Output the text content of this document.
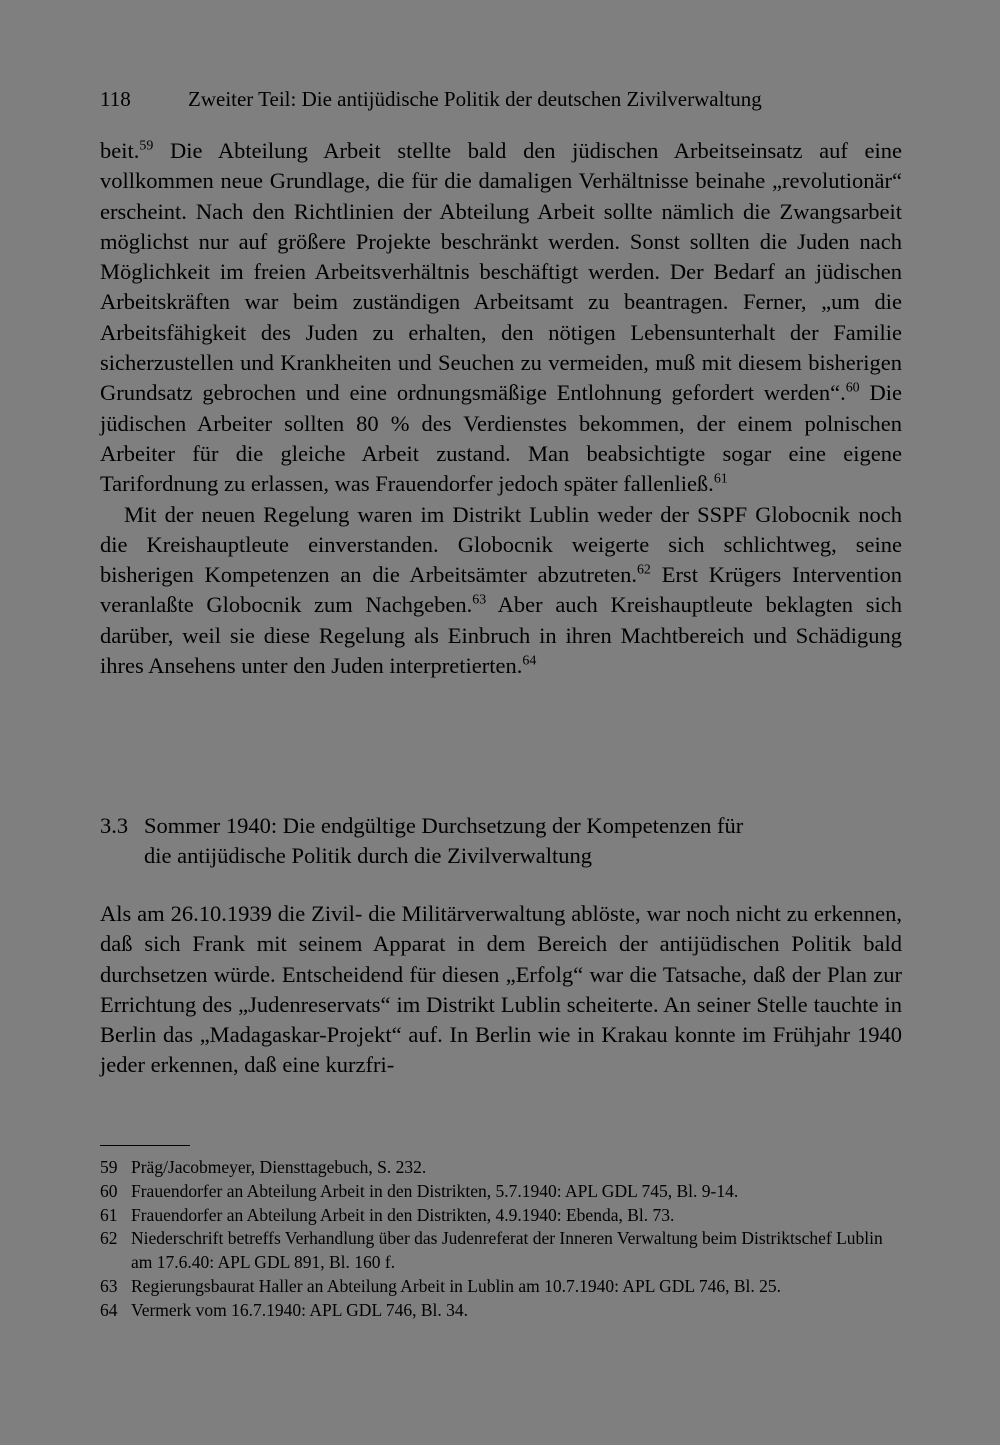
118	Zweiter Teil: Die antijüdische Politik der deutschen Zivilverwaltung

beit.$^{59}$ Die Abteilung Arbeit stellte bald den jüdischen Arbeitseinsatz auf eine vollkommen neue Grundlage, die für die damaligen Verhältnisse beinahe „revolutionär“ erscheint. Nach den Richtlinien der Abteilung Arbeit sollte nämlich die Zwangsarbeit möglichst nur auf größere Projekte beschränkt werden. Sonst sollten die Juden nach Möglichkeit im freien Arbeitsverhältnis beschäftigt werden. Der Bedarf an jüdischen Arbeitskräften war beim zuständigen Arbeitsamt zu beantragen. Ferner, „um die Arbeitsfähigkeit des Juden zu erhalten, den nötigen Lebensunterhalt der Familie sicherzustellen und Krankheiten und Seuchen zu vermeiden, muß mit diesem bisherigen Grundsatz gebrochen und eine ordnungsmäßige Entlohnung gefordert werden“.$^{60}$ Die jüdischen Arbeiter sollten 80 % des Verdienstes bekommen, der einem polnischen Arbeiter für die gleiche Arbeit zustand. Man beabsichtigte sogar eine eigene Tarifordnung zu erlassen, was Frauendorfer jedoch später fallenließ.$^{61}$

Mit der neuen Regelung waren im Distrikt Lublin weder der SSPF Globocnik noch die Kreishauptleute einverstanden. Globocnik weigerte sich schlichtweg, seine bisherigen Kompetenzen an die Arbeitsämter abzutreten.$^{62}$ Erst Krügers Intervention veranlaßte Globocnik zum Nachgeben.$^{63}$ Aber auch Kreishauptleute beklagten sich darüber, weil sie diese Regelung als Einbruch in ihren Machtbereich und Schädigung ihres Ansehens unter den Juden interpretierten.$^{64}$

3.3 Sommer 1940: Die endgültige Durchsetzung der Kompetenzen für
die antijüdische Politik durch die Zivilverwaltung

Als am 26.10.1939 die Zivil- die Militärverwaltung ablöste, war noch nicht zu erkennen, daß sich Frank mit seinem Apparat in dem Bereich der antijüdischen Politik bald durchsetzen würde. Entscheidend für diesen „Erfolg“ war die Tatsache, daß der Plan zur Errichtung des „Judenreservats“ im Distrikt Lublin scheiterte. An seiner Stelle tauchte in Berlin das „Madagaskar-Projekt“ auf. In Berlin wie in Krakau konnte im Frühjahr 1940 jeder erkennen, daß eine kurzfri-

59 Präg/Jacobmeyer, Diensttagebuch, S. 232.
60 Frauendorfer an Abteilung Arbeit in den Distrikten, 5.7.1940: APL GDL 745, Bl. 9-14.
61 Frauendorfer an Abteilung Arbeit in den Distrikten, 4.9.1940: Ebenda, Bl. 73.
62 Niederschrift betreffs Verhandlung über das Judenreferat der Inneren Verwaltung beim Distriktschef Lublin am 17.6.40: APL GDL 891, Bl. 160 f.
63 Regierungsbaurat Haller an Abteilung Arbeit in Lublin am 10.7.1940: APL GDL 746, Bl. 25.
64 Vermerk vom 16.7.1940: APL GDL 746, Bl. 34.
